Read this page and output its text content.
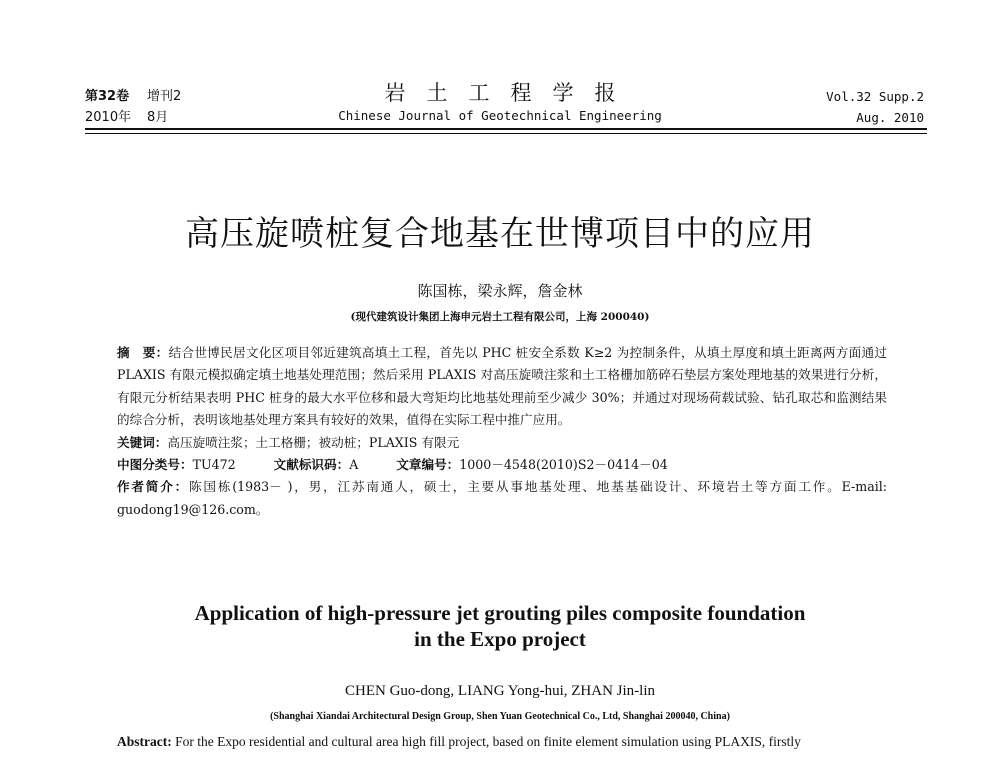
第32卷 增刊2
2010年 8月
岩土工程学报
Chinese Journal of Geotechnical Engineering
Vol.32 Supp.2
Aug. 2010
高压旋喷桩复合地基在世博项目中的应用
陈国栋，梁永辉，詹金林
(现代建筑设计集团上海申元岩土工程有限公司，上海 200040)

摘　要：结合世博民居文化区项目邻近建筑高填土工程，首先以 PHC 桩安全系数 K≥2 为控制条件，从填土厚度和填土距离两方面通过 PLAXIS 有限元模拟确定填土地基处理范围；然后采用 PLAXIS 对高压旋喷注浆和土工格栅加筋碎石垫层方案处理地基的效果进行分析，有限元分析结果表明 PHC 桩身的最大水平位移和最大弯矩均比地基处理前至少减少 30%；并通过对现场荷载试验、钻孔取芯和监测结果的综合分析，表明该地基处理方案具有较好的效果，值得在实际工程中推广应用。

关键词：高压旋喷注浆；土工格栅；被动桩；PLAXIS 有限元

中图分类号：TU472	文献标识码：A	文章编号：1000－4548(2010)S2－0414－04

作者简介：陈国栋(1983－ )，男，江苏南通人，硕士，主要从事地基处理、地基基础设计、环境岩土等方面工作。E-mail: guodong19@126.com。

Application of high-pressure jet grouting piles composite foundation
in the Expo project
CHEN Guo-dong, LIANG Yong-hui, ZHAN Jin-lin
(Shanghai Xiandai Architectural Design Group, Shen Yuan Geotechnical Co., Ltd, Shanghai 200040, China)
Abstract: For the Expo residential and cultural area high fill project, based on finite element simulation using PLAXIS, firstly
